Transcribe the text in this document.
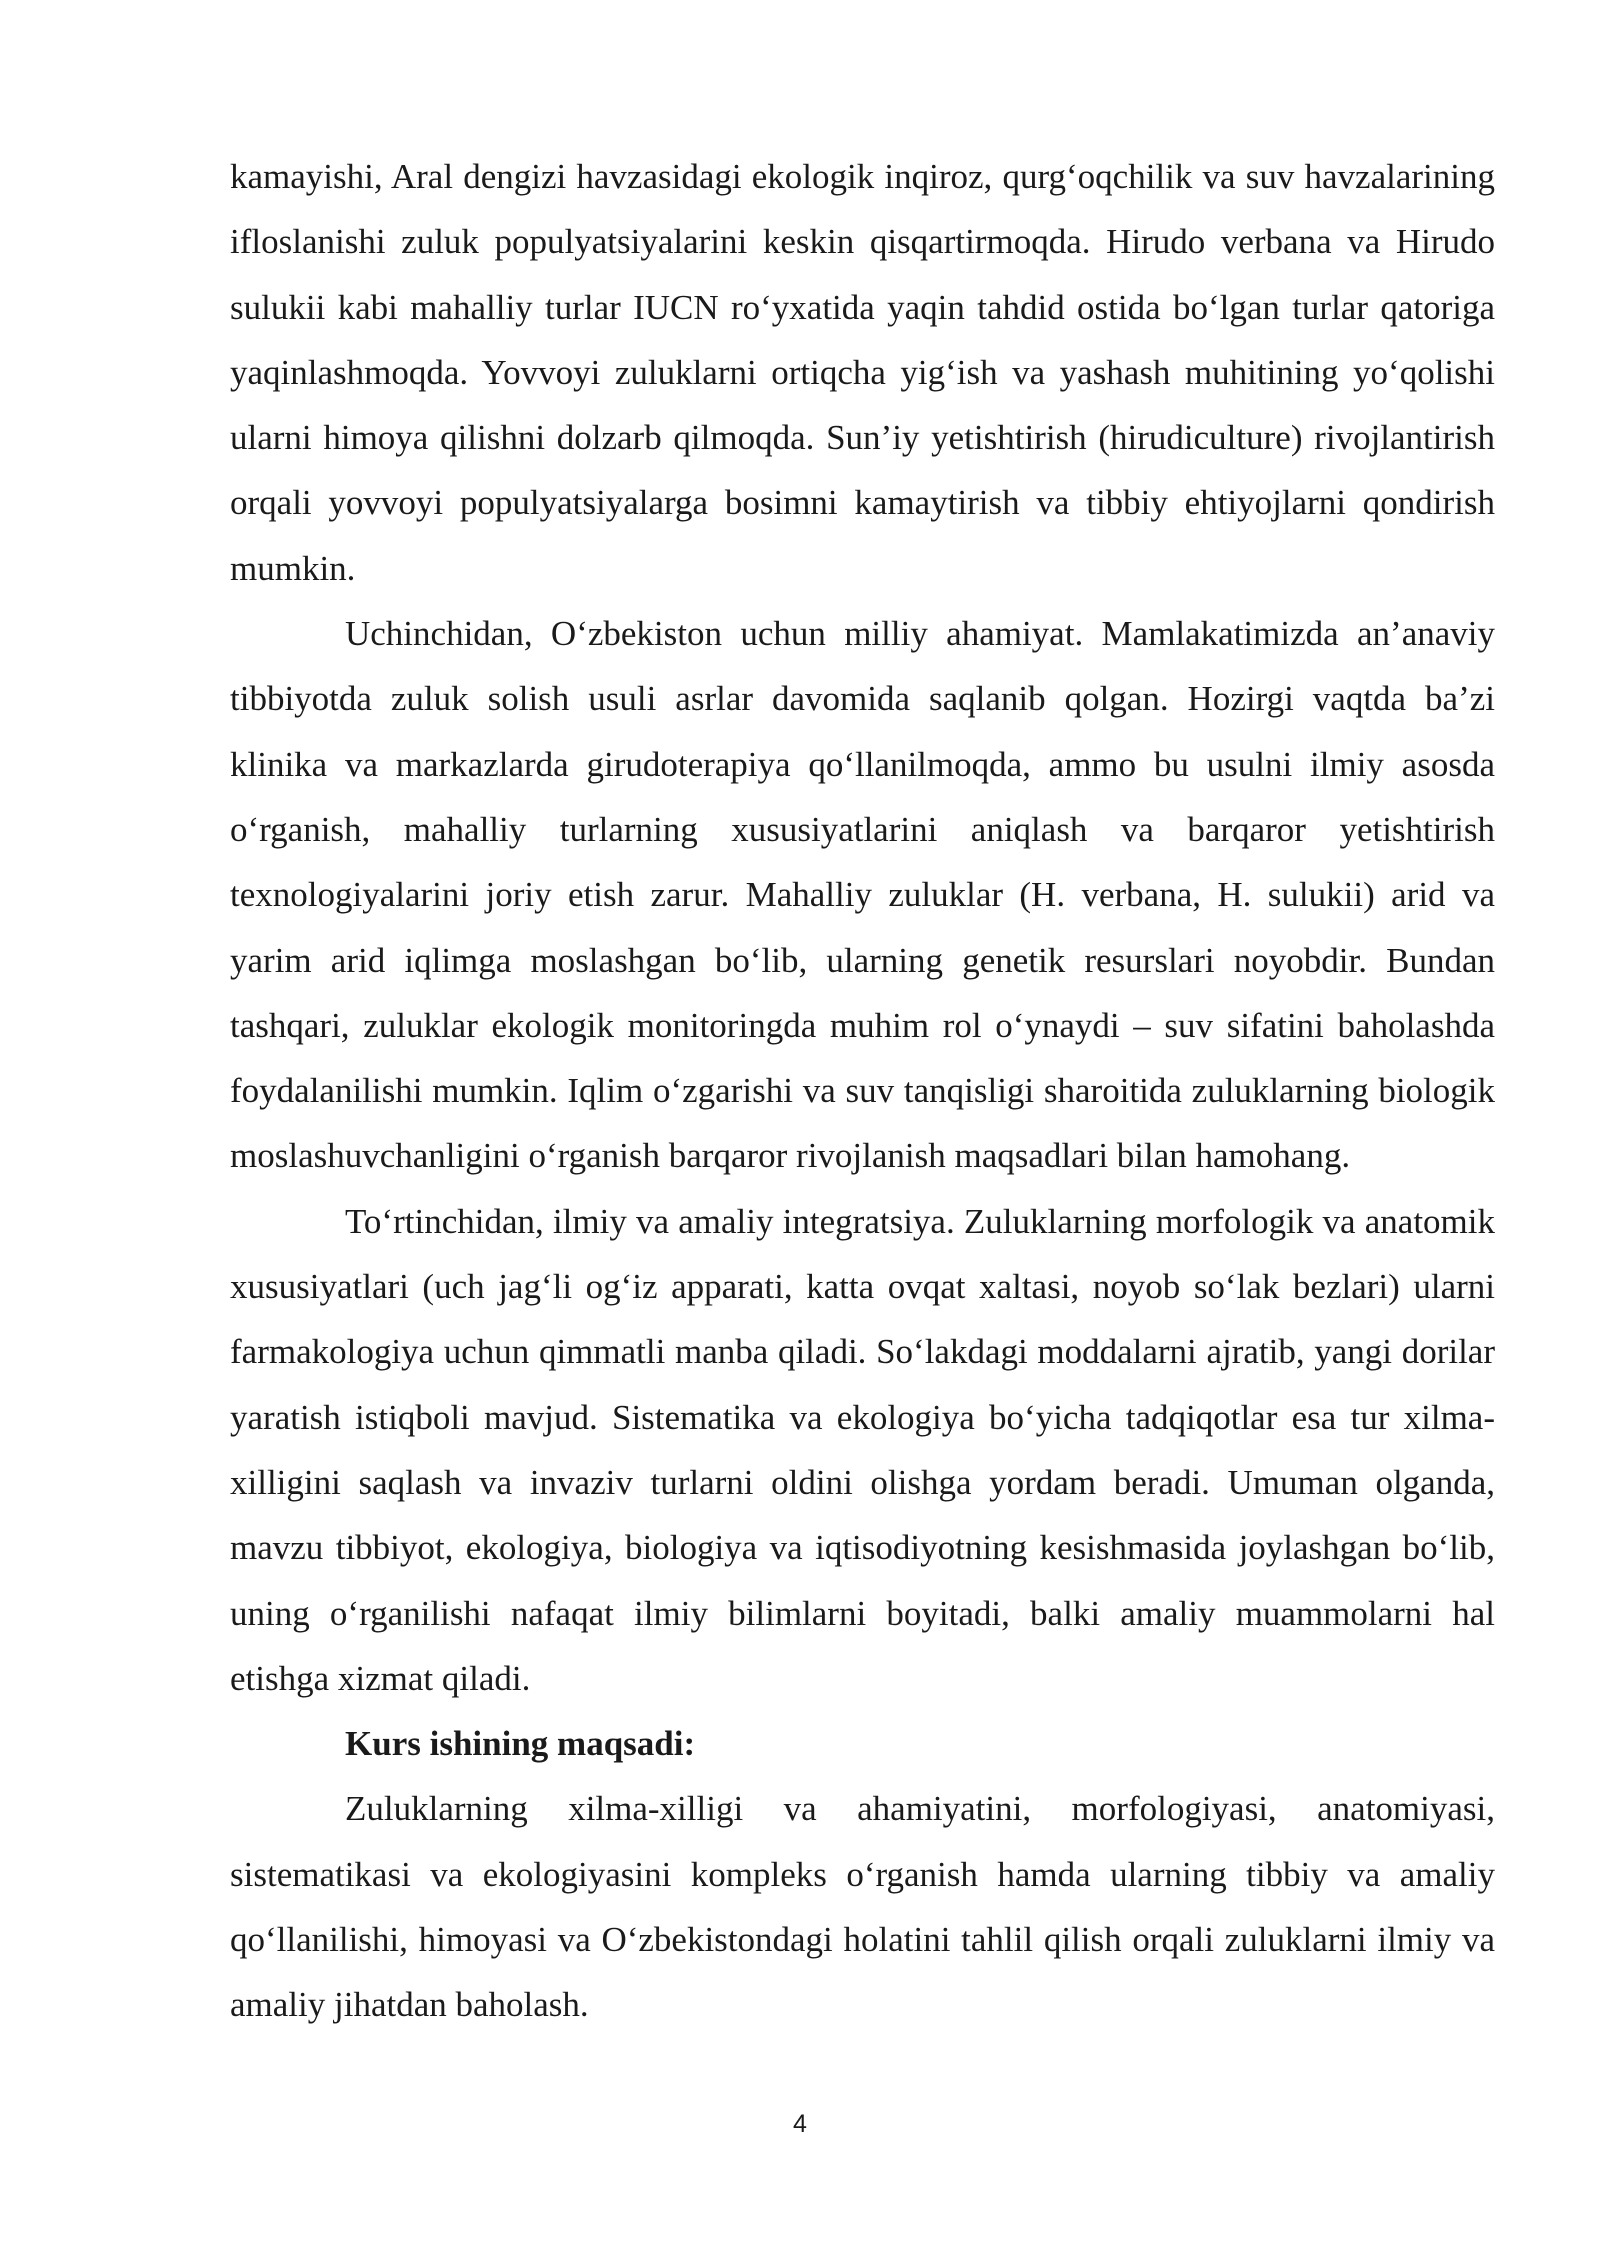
kamayishi, Aral dengizi havzasidagi ekologik inqiroz, qurg‘oqchilik va suv havzalarining ifloslanishi zuluk populyatsiyalarini keskin qisqartirmoqda. Hirudo verbana va Hirudo sulukii kabi mahalliy turlar IUCN ro‘yxatida yaqin tahdid ostida bo‘lgan turlar qatoriga yaqinlashmoqda. Yovvoyi zuluklarni ortiqcha yig‘ish va yashash muhitining yo‘qolishi ularni himoya qilishni dolzarb qilmoqda. Sun’iy yetishtirish (hirudiculture) rivojlantirish orqali yovvoyi populyatsiyalarga bosimni kamaytirish va tibbiy ehtiyojlarni qondirish mumkin.

Uchinchidan, O‘zbekiston uchun milliy ahamiyat. Mamlakatimizda an’anaviy tibbiyotda zuluk solish usuli asrlar davomida saqlanib qolgan. Hozirgi vaqtda ba’zi klinika va markazlarda girudoterapiya qo‘llanilmoqda, ammo bu usulni ilmiy asosda o‘rganish, mahalliy turlarning xususiyatlarini aniqlash va barqaror yetishtirish texnologiyalarini joriy etish zarur. Mahalliy zuluklar (H. verbana, H. sulukii) arid va yarim arid iqlimga moslashgan bo‘lib, ularning genetik resurslari noyobdir. Bundan tashqari, zuluklar ekologik monitoringda muhim rol o‘ynaydi – suv sifatini baholashda foydalanilishi mumkin. Iqlim o‘zgarishi va suv tanqisligi sharoitida zuluklarning biologik moslashuvchanligini o‘rganish barqaror rivojlanish maqsadlari bilan hamohang.

To‘rtinchidan, ilmiy va amaliy integratsiya. Zuluklarning morfologik va anatomik xususiyatlari (uch jag‘li og‘iz apparati, katta ovqat xaltasi, noyob so‘lak bezlari) ularni farmakologiya uchun qimmatli manba qiladi. So‘lakdagi moddalarni ajratib, yangi dorilar yaratish istiqboli mavjud. Sistematika va ekologiya bo‘yicha tadqiqotlar esa tur xilma-xilligini saqlash va invaziv turlarni oldini olishga yordam beradi. Umuman olganda, mavzu tibbiyot, ekologiya, biologiya va iqtisodiyotning kesishmasida joylashgan bo‘lib, uning o‘rganilishi nafaqat ilmiy bilimlarni boyitadi, balki amaliy muammolarni hal etishga xizmat qiladi.

Kurs ishining maqsadi:

Zuluklarning xilma-xilligi va ahamiyatini, morfologiyasi, anatomiyasi, sistematikasi va ekologiyasini kompleks o‘rganish hamda ularning tibbiy va amaliy qo‘llanilishi, himoyasi va O‘zbekistondagi holatini tahlil qilish orqali zuluklarni ilmiy va amaliy jihatdan baholash.

4
